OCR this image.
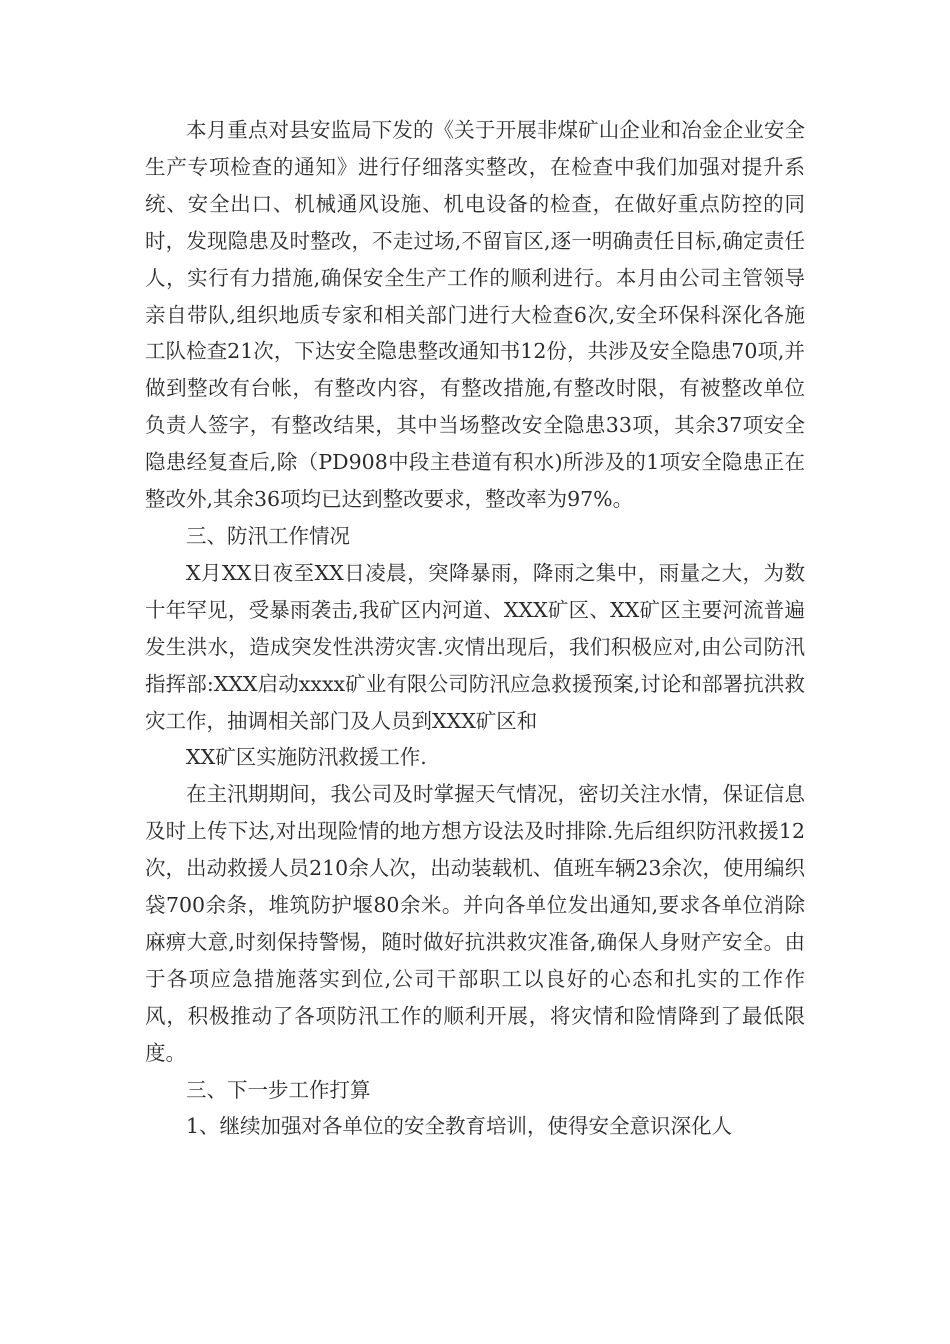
本月重点对县安监局下发的《关于开展非煤矿山企业和冶金企业安全生产专项检查的通知》进行仔细落实整改，在检查中我们加强对提升系统、安全出口、机械通风设施、机电设备的检查，在做好重点防控的同时，发现隐患及时整改，不走过场,不留盲区,逐一明确责任目标,确定责任人，实行有力措施,确保安全生产工作的顺利进行。本月由公司主管领导亲自带队,组织地质专家和相关部门进行大检查6次,安全环保科深化各施工队检查21次，下达安全隐患整改通知书12份，共涉及安全隐患70项,并做到整改有台帐，有整改内容，有整改措施,有整改时限，有被整改单位负责人签字，有整改结果，其中当场整改安全隐患33项，其余37项安全隐患经复查后,除（PD908中段主巷道有积水)所涉及的1项安全隐患正在整改外,其余36项均已达到整改要求，整改率为97%。

三、防汛工作情况

X月XX日夜至XX日凌晨，突降暴雨，降雨之集中，雨量之大，为数十年罕见，受暴雨袭击,我矿区内河道、XXX矿区、XX矿区主要河流普遍发生洪水，造成突发性洪涝灾害.灾情出现后，我们积极应对,由公司防汛指挥部:XXX启动xxxx矿业有限公司防汛应急救援预案,讨论和部署抗洪救灾工作，抽调相关部门及人员到XXX矿区和

XX矿区实施防汛救援工作.

在主汛期期间，我公司及时掌握天气情况，密切关注水情，保证信息及时上传下达,对出现险情的地方想方设法及时排除.先后组织防汛救援12次，出动救援人员210余人次，出动装载机、值班车辆23余次，使用编织袋700余条，堆筑防护堰80余米。并向各单位发出通知,要求各单位消除麻痹大意,时刻保持警惕，随时做好抗洪救灾准备,确保人身财产安全。由于各项应急措施落实到位,公司干部职工以良好的心态和扎实的工作作风，积极推动了各项防汛工作的顺利开展，将灾情和险情降到了最低限度。

三、下一步工作打算

1、继续加强对各单位的安全教育培训，使得安全意识深化人
